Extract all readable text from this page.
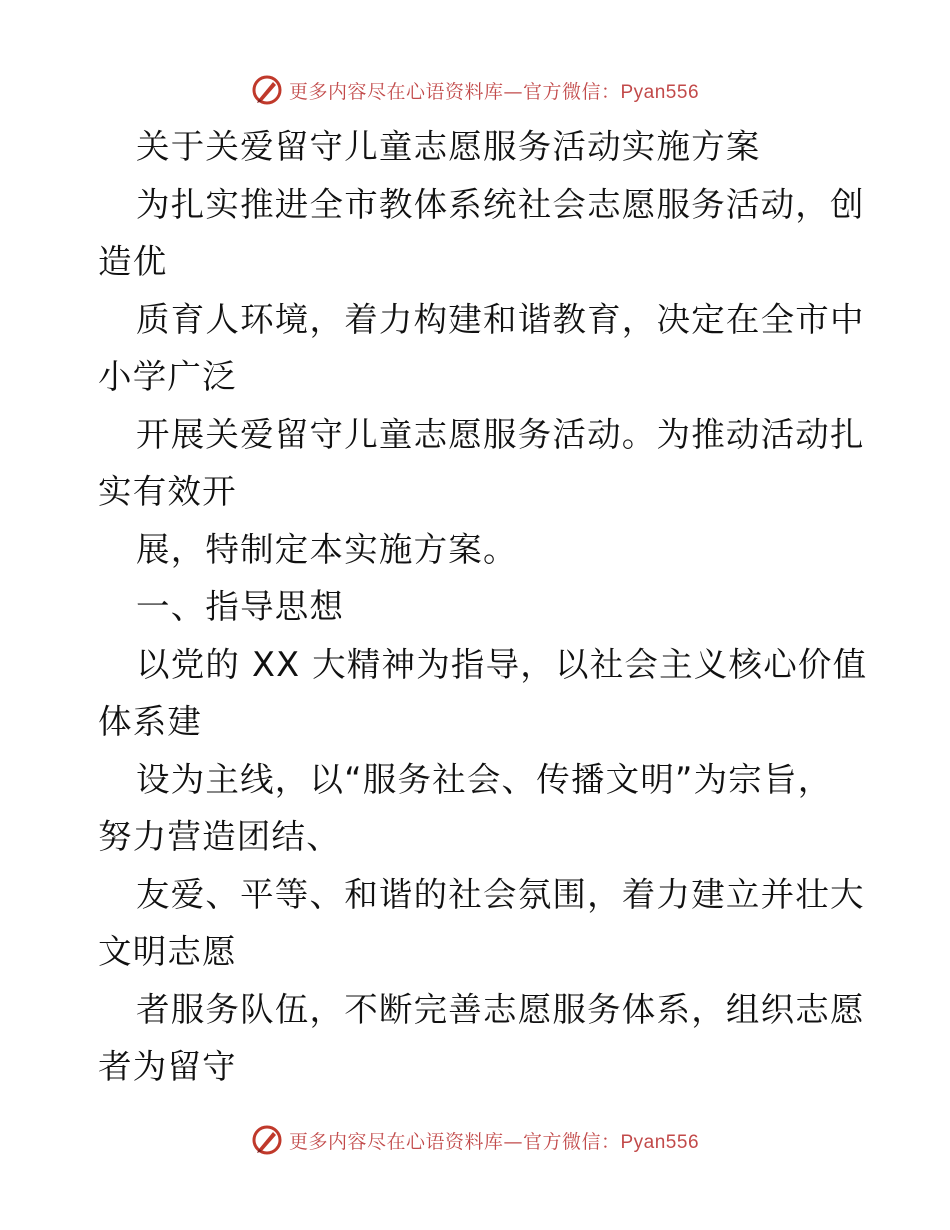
更多内容尽在心语资料库—官方微信：Pyan556
关于关爱留守儿童志愿服务活动实施方案
为扎实推进全市教体系统社会志愿服务活动，创
造优
质育人环境，着力构建和谐教育，决定在全市中
小学广泛
开展关爱留守儿童志愿服务活动。为推动活动扎
实有效开
展，特制定本实施方案。
一、指导思想
以党的 XX 大精神为指导，以社会主义核心价值
体系建
设为主线，以“服务社会、传播文明”为宗旨，
努力营造团结、
友爱、平等、和谐的社会氛围，着力建立并壮大
文明志愿
者服务队伍，不断完善志愿服务体系，组织志愿
者为留守
更多内容尽在心语资料库—官方微信：Pyan556
